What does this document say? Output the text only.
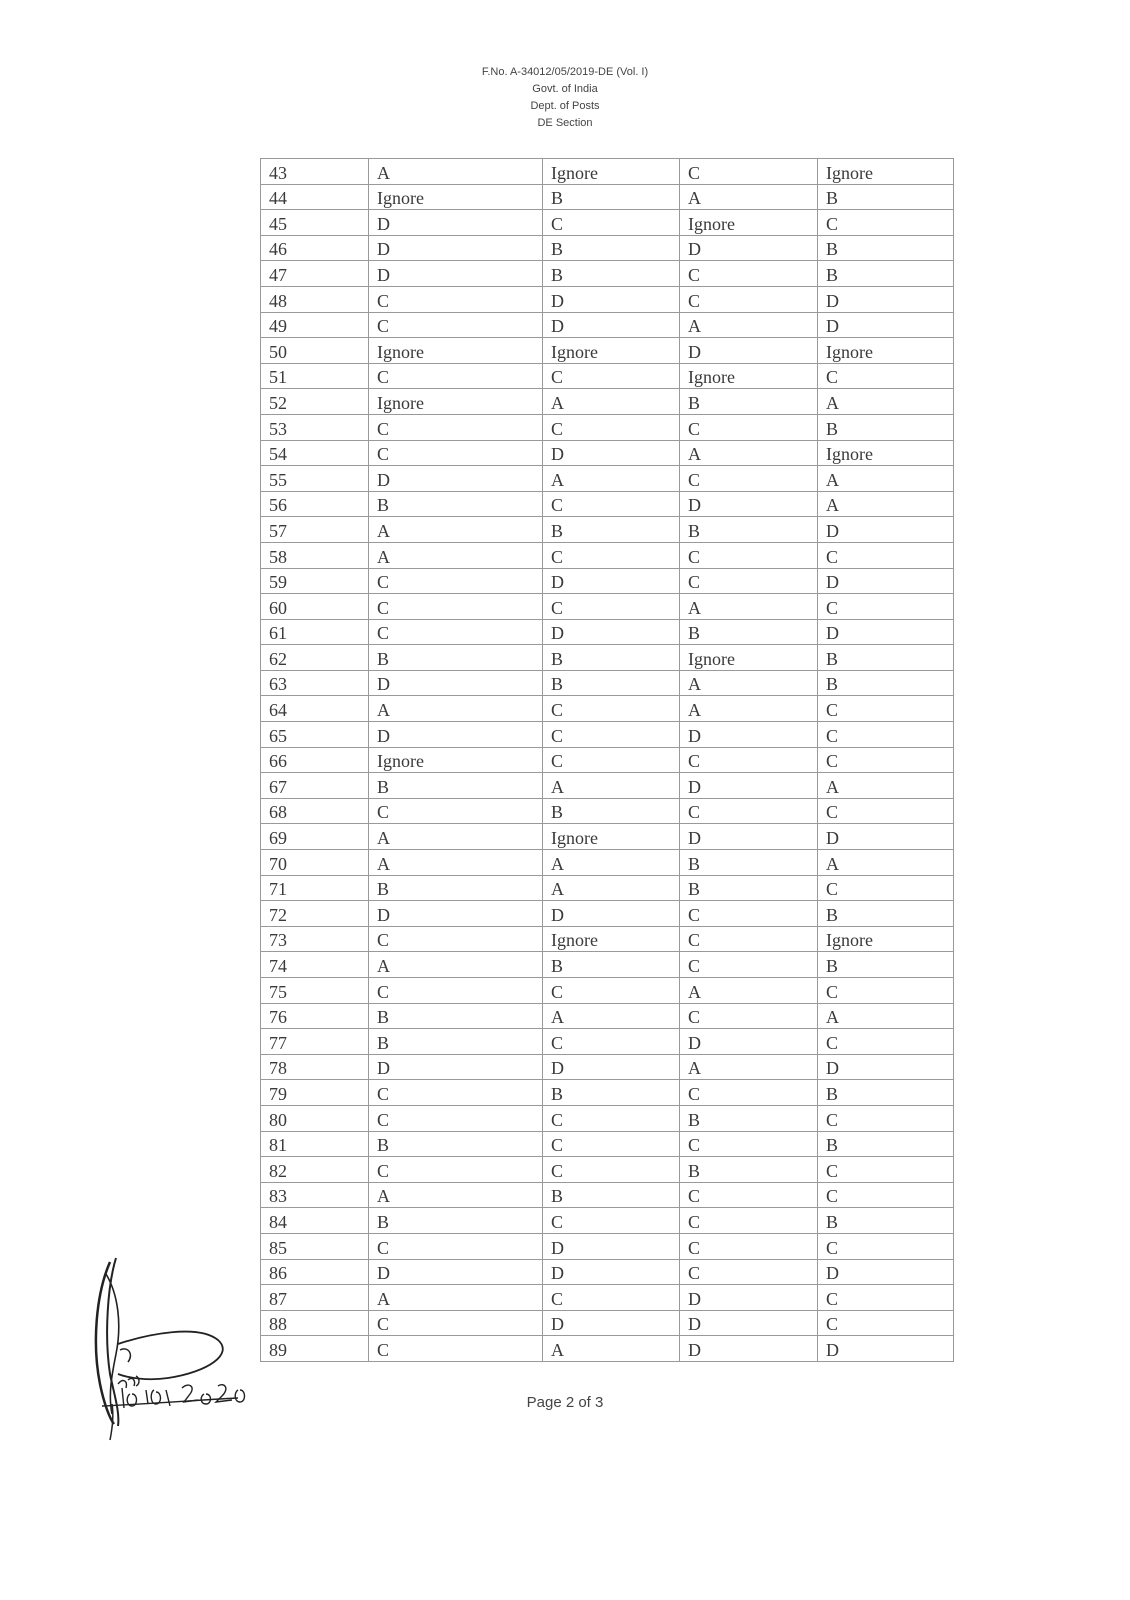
F.No. A-34012/05/2019-DE (Vol. I)
Govt. of India
Dept. of Posts
DE Section
43	A	Ignore	C	Ignore
44	Ignore	B	A	B
45	D	C	Ignore	C
46	D	B	D	B
47	D	B	C	B
48	C	D	C	D
49	C	D	A	D
50	Ignore	Ignore	D	Ignore
51	C	C	Ignore	C
52	Ignore	A	B	A
53	C	C	C	B
54	C	D	A	Ignore
55	D	A	C	A
56	B	C	D	A
57	A	B	B	D
58	A	C	C	C
59	C	D	C	D
60	C	C	A	C
61	C	D	B	D
62	B	B	Ignore	B
63	D	B	A	B
64	A	C	A	C
65	D	C	D	C
66	Ignore	C	C	C
67	B	A	D	A
68	C	B	C	C
69	A	Ignore	D	D
70	A	A	B	A
71	B	A	B	C
72	D	D	C	B
73	C	Ignore	C	Ignore
74	A	B	C	B
75	C	C	A	C
76	B	A	C	A
77	B	C	D	C
78	D	D	A	D
79	C	B	C	B
80	C	C	B	C
81	B	C	C	B
82	C	C	B	C
83	A	B	C	C
84	B	C	C	B
85	C	D	C	C
86	D	D	C	D
87	A	C	D	C
88	C	D	D	C
89	C	A	D	D
Page 2 of 3
